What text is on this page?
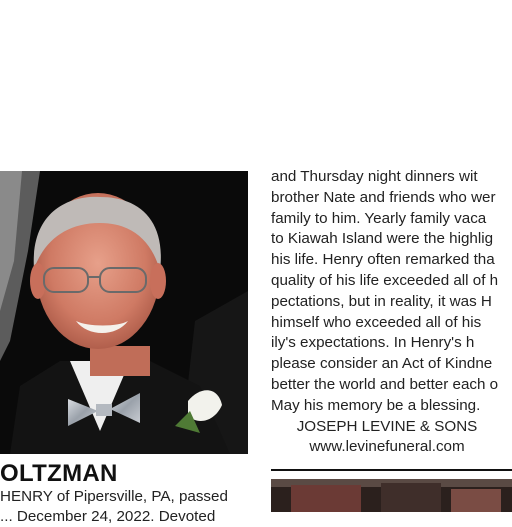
OLTZMAN
HENRY of Pipersville, PA, passed
... December 24, 2022. Devoted
and Thursday night dinners wit
brother Nate and friends who wer
family to him. Yearly family vaca
to Kiawah Island were the highlig
his life. Henry often remarked tha
quality of his life exceeded all of h
pectations, but in reality, it was H
himself who exceeded all of his
ily's expectations. In Henry's h
please consider an Act of Kindne
better the world and better each o
May his memory be a blessing.
JOSEPH LEVINE & SONS
www.levinefuneral.com
